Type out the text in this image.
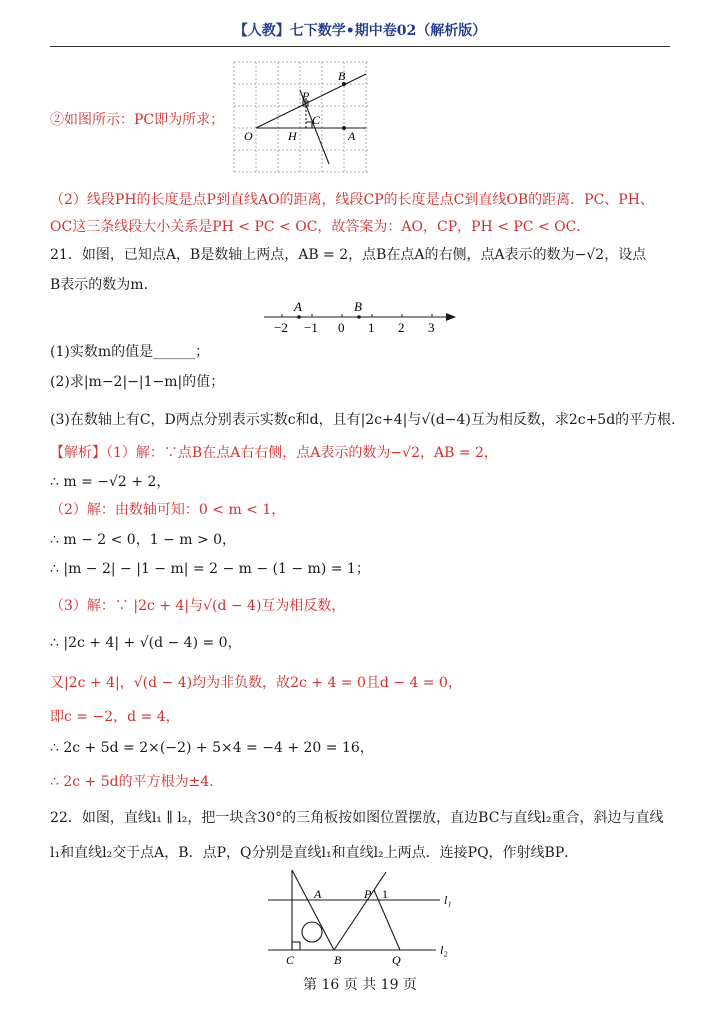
【人教】七下数学•期中卷02（解析版）
②如图所示：PC即为所求；
B
P
C
O	H	A
（2）线段PH的长度是点P到直线AO的距离，线段CP的长度是点C到直线OB的距离．PC、PH、
OC这三条线段大小关系是PH < PC < OC，故答案为：AO，CP，PH < PC < OC．
21．如图，已知点A，B是数轴上两点，AB = 2，点B在点A的右侧，点A表示的数为−√2，设点
B表示的数为m．
A	B
−2 −1 0 1 2 3
(1)实数m的值是______；
(2)求|m−2|−|1−m|的值；
(3)在数轴上有C，D两点分别表示实数c和d，且有|2c+4|与√(d−4)互为相反数，求2c+5d的平方根．
【解析】（1）解：∵点B在点A右右侧，点A表示的数为−√2，AB = 2，
∴ m = −√2 + 2，
（2）解：由数轴可知：0 < m < 1，
∴ m − 2 < 0，1 − m > 0，
∴ |m − 2| − |1 − m| = 2 − m − (1 − m) = 1；
（3）解：∵ |2c + 4|与√(d − 4)互为相反数，
∴ |2c + 4| + √(d − 4) = 0，
又|2c + 4|，√(d − 4)均为非负数，故2c + 4 = 0且d − 4 = 0，
即c = −2，d = 4，
∴ 2c + 5d = 2×(−2) + 5×4 = −4 + 20 = 16，
∴ 2c + 5d的平方根为±4．
22．如图，直线l₁ ∥ l₂，把一块含30°的三角板按如图位置摆放，直边BC与直线l₂重合，斜边与直线
l₁和直线l₂交于点A，B．点P，Q分别是直线l₁和直线l₂上两点．连接PQ，作射线BP．
A	P 1	l₁
C	B	Q
l₂
第 16 页 共 19 页
